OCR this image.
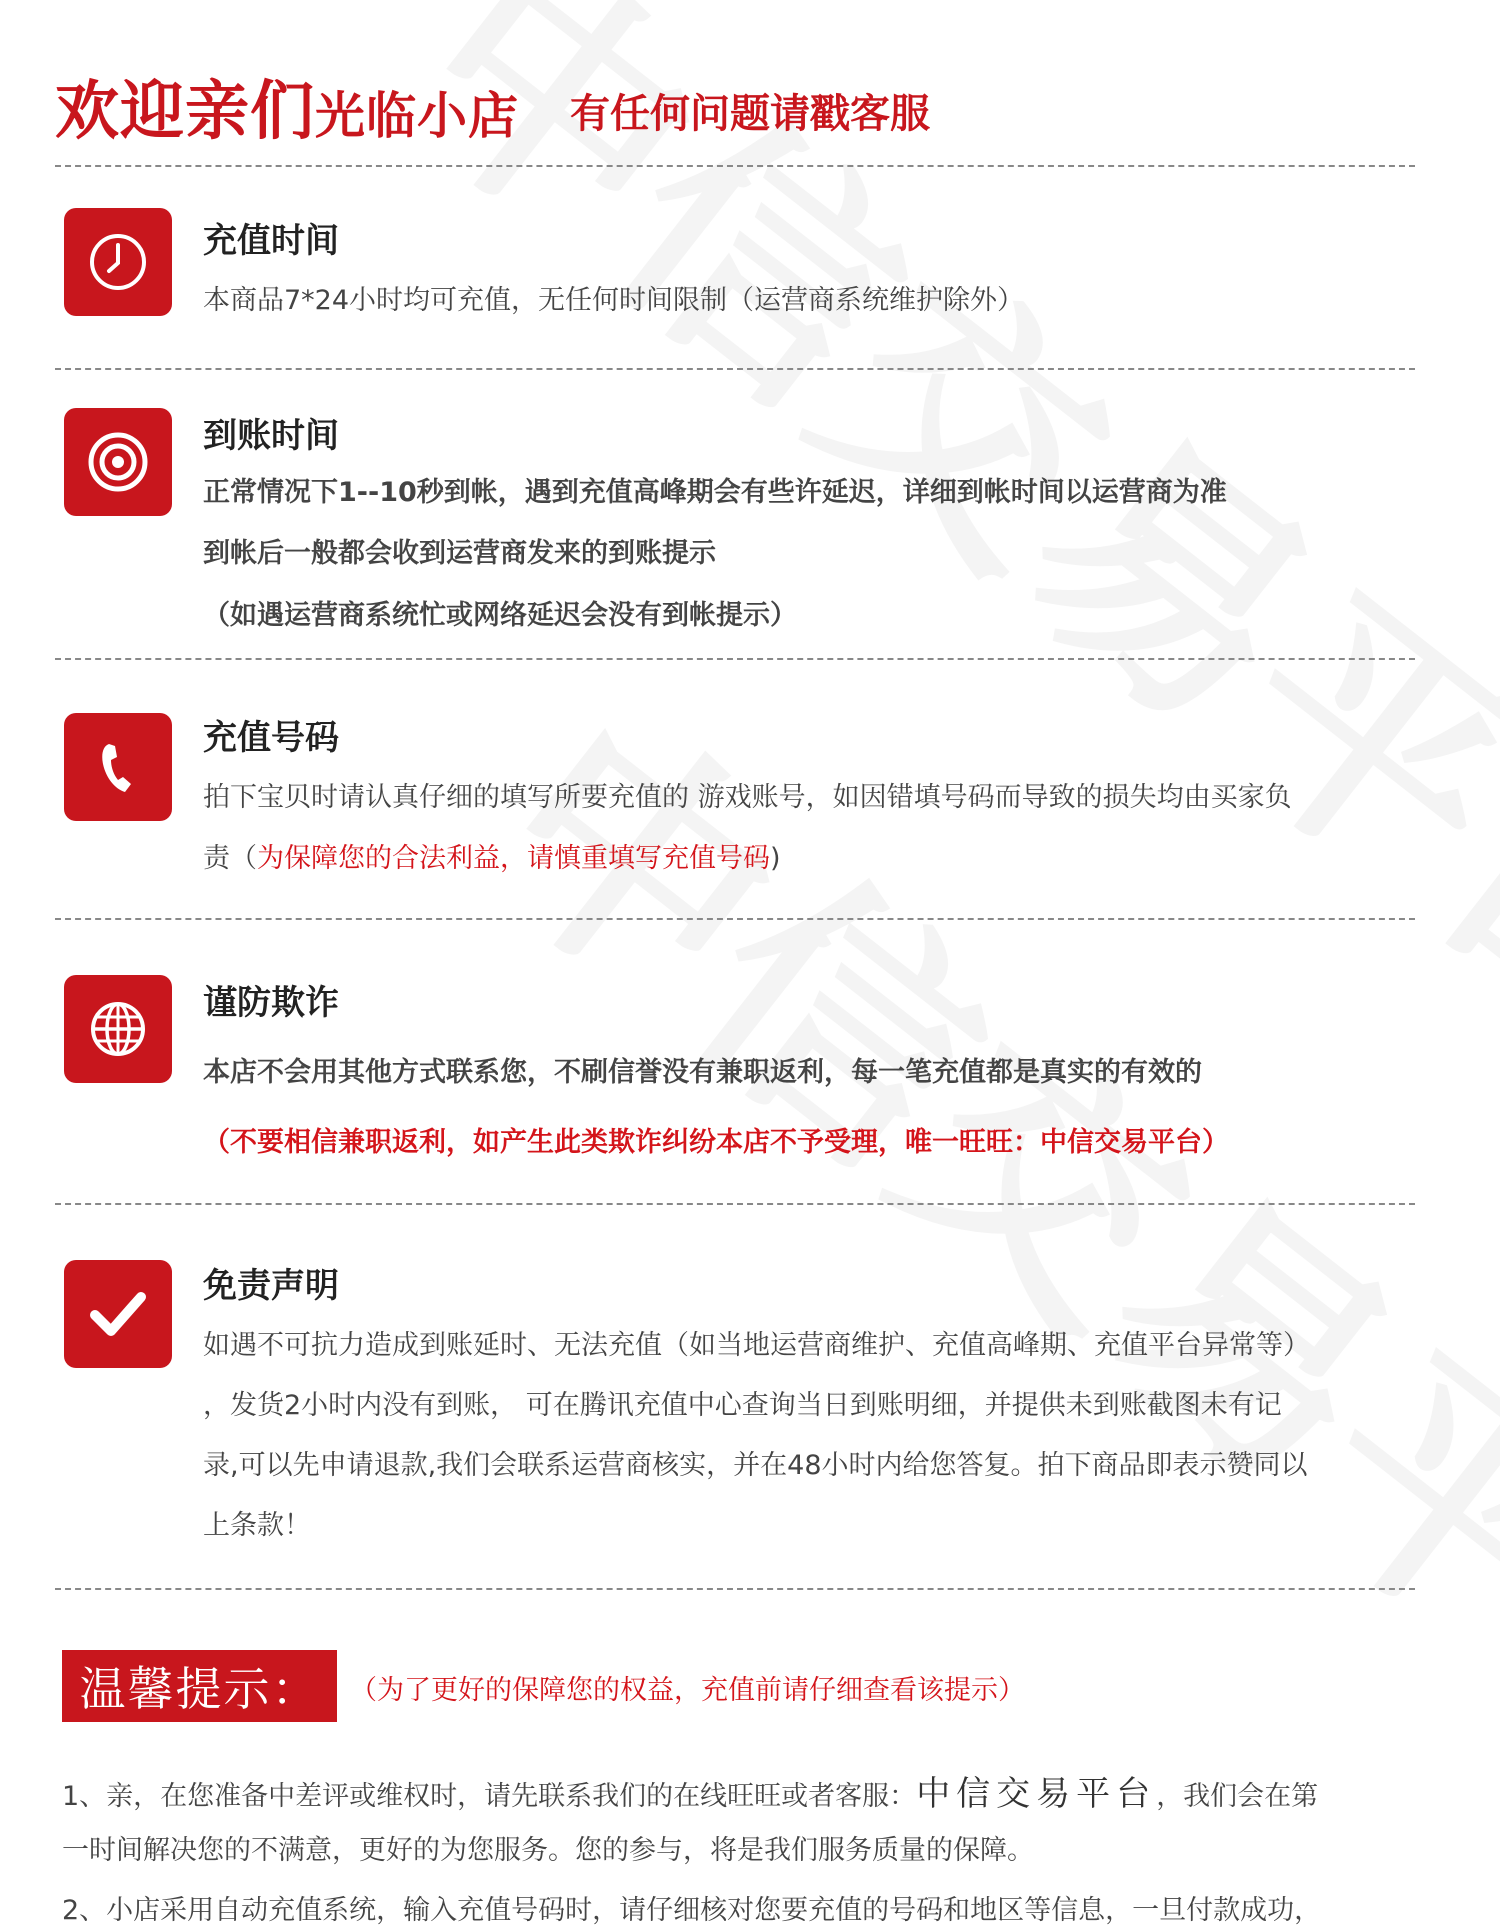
欢迎亲们光临小店 有任何问题请戳客服
充值时间
本商品7*24小时均可充值，无任何时间限制（运营商系统维护除外）
到账时间
正常情况下1--10秒到帐，遇到充值高峰期会有些许延迟，详细到帐时间以运营商为准
到帐后一般都会收到运营商发来的到账提示
（如遇运营商系统忙或网络延迟会没有到帐提示）
充值号码
拍下宝贝时请认真仔细的填写所要充值的 游戏账号，如因错填号码而导致的损失均由买家负
责（为保障您的合法利益，请慎重填写充值号码)
谨防欺诈
本店不会用其他方式联系您，不刷信誉没有兼职返利，每一笔充值都是真实的有效的
（不要相信兼职返利，如产生此类欺诈纠纷本店不予受理，唯一旺旺：中信交易平台）
免责声明
如遇不可抗力造成到账延时、无法充值（如当地运营商维护、充值高峰期、充值平台异常等）
，发货2小时内没有到账， 可在腾讯充值中心查询当日到账明细，并提供未到账截图未有记
录,可以先申请退款,我们会联系运营商核实，并在48小时内给您答复。拍下商品即表示赞同以
上条款！
温馨提示：	（为了更好的保障您的权益，充值前请仔细查看该提示）
1、亲，在您准备中差评或维权时，请先联系我们的在线旺旺或者客服：中信交易平台，我们会在第
一时间解决您的不满意，更好的为您服务。您的参与，将是我们服务质量的保障。
2、小店采用自动充值系统，输入充值号码时，请仔细核对您要充值的号码和地区等信息，一旦付款成功，
